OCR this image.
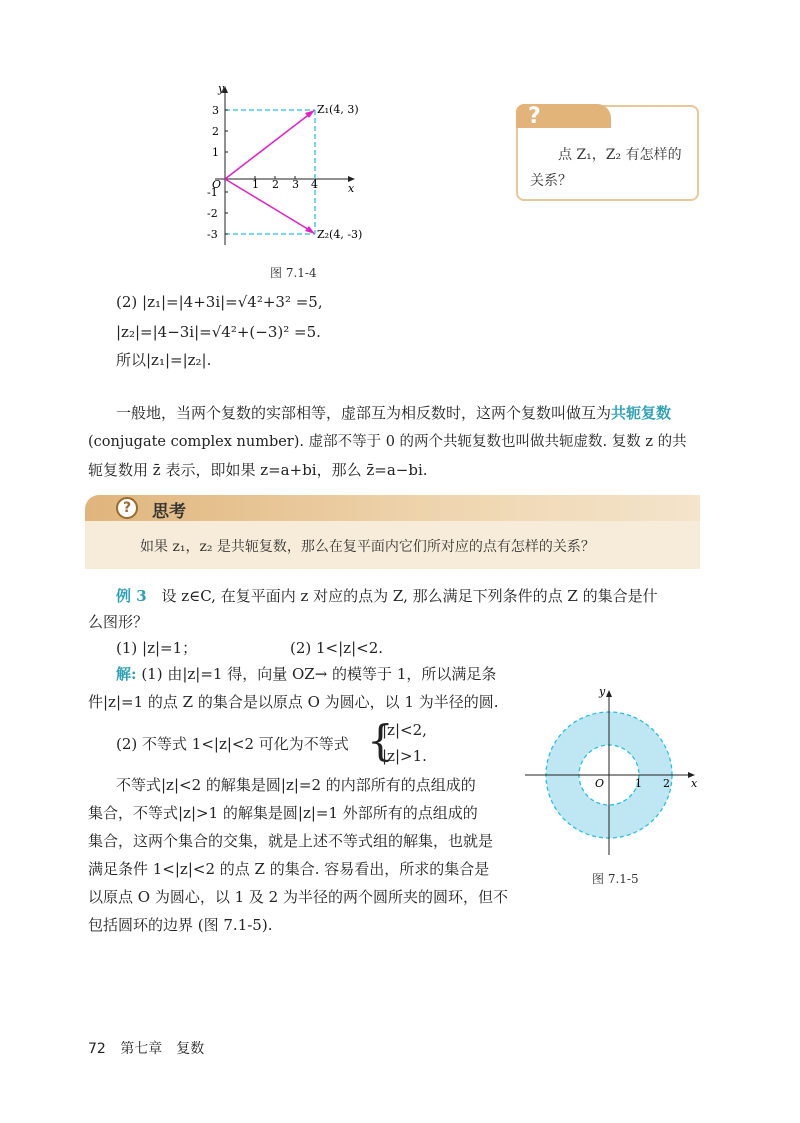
y
x
O	1 2 3 4
3
2
1
-1
-2
-3
Z₁(4, 3)
Z₂(4, -3)
图 7.1-4
?
点 Z₁，Z₂ 有怎样的关系？
(2) |z₁|=|4+3i|=√4²+3² =5,
|z₂|=|4−3i|=√4²+(−3)² =5.
所以|z₁|=|z₂|.
一般地，当两个复数的实部相等，虚部互为相反数时，这两个复数叫做互为共轭复数
(conjugate complex number). 虚部不等于 0 的两个共轭复数也叫做共轭虚数. 复数 z 的共
轭复数用 z̄ 表示，即如果 z=a+bi，那么 z̄=a−bi.
?	思考
如果 z₁，z₂ 是共轭复数，那么在复平面内它们所对应的点有怎样的关系？
例 3 设 z∈C, 在复平面内 z 对应的点为 Z, 那么满足下列条件的点 Z 的集合是什
么图形？
(1) |z|=1；	(2) 1<|z|<2.
解: (1) 由|z|=1 得，向量 OZ→ 的模等于 1，所以满足条
件|z|=1 的点 Z 的集合是以原点 O 为圆心，以 1 为半径的圆.
(2) 不等式 1<|z|<2 可化为不等式 {
|z|<2,
|z|>1.
不等式|z|<2 的解集是圆|z|=2 的内部所有的点组成的
集合，不等式|z|>1 的解集是圆|z|=1 外部所有的点组成的
集合，这两个集合的交集，就是上述不等式组的解集，也就是
满足条件 1<|z|<2 的点 Z 的集合. 容易看出，所求的集合是
以原点 O 为圆心，以 1 及 2 为半径的两个圆所夹的圆环，但不
包括圆环的边界 (图 7.1-5).
y
x
O	1 2
图 7.1-5
72 第七章　复数
